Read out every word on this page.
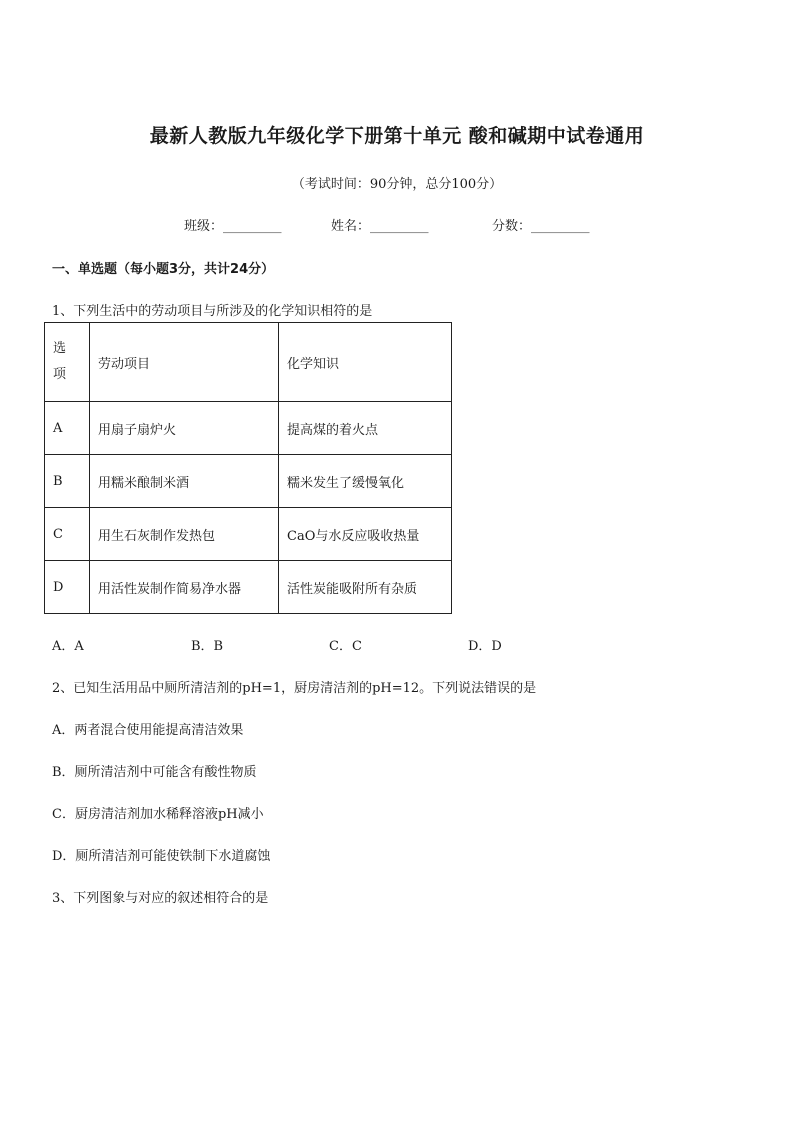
最新人教版九年级化学下册第十单元 酸和碱期中试卷通用
（考试时间：90分钟，总分100分）
班级：_________	姓名：_________	分数：_________
一、单选题（每小题3分，共计24分）
1、下列生活中的劳动项目与所涉及的化学知识相符的是
选项	劳动项目	化学知识
A	用扇子扇炉火	提高煤的着火点
B	用糯米酿制米酒	糯米发生了缓慢氧化
C	用生石灰制作发热包	CaO与水反应吸收热量
D	用活性炭制作简易净水器	活性炭能吸附所有杂质
A．A	B．B	C．C	D．D
2、已知生活用品中厕所清洁剂的pH=1，厨房清洁剂的pH=12。下列说法错误的是
A．两者混合使用能提高清洁效果
B．厕所清洁剂中可能含有酸性物质
C．厨房清洁剂加水稀释溶液pH减小
D．厕所清洁剂可能使铁制下水道腐蚀
3、下列图象与对应的叙述相符合的是
